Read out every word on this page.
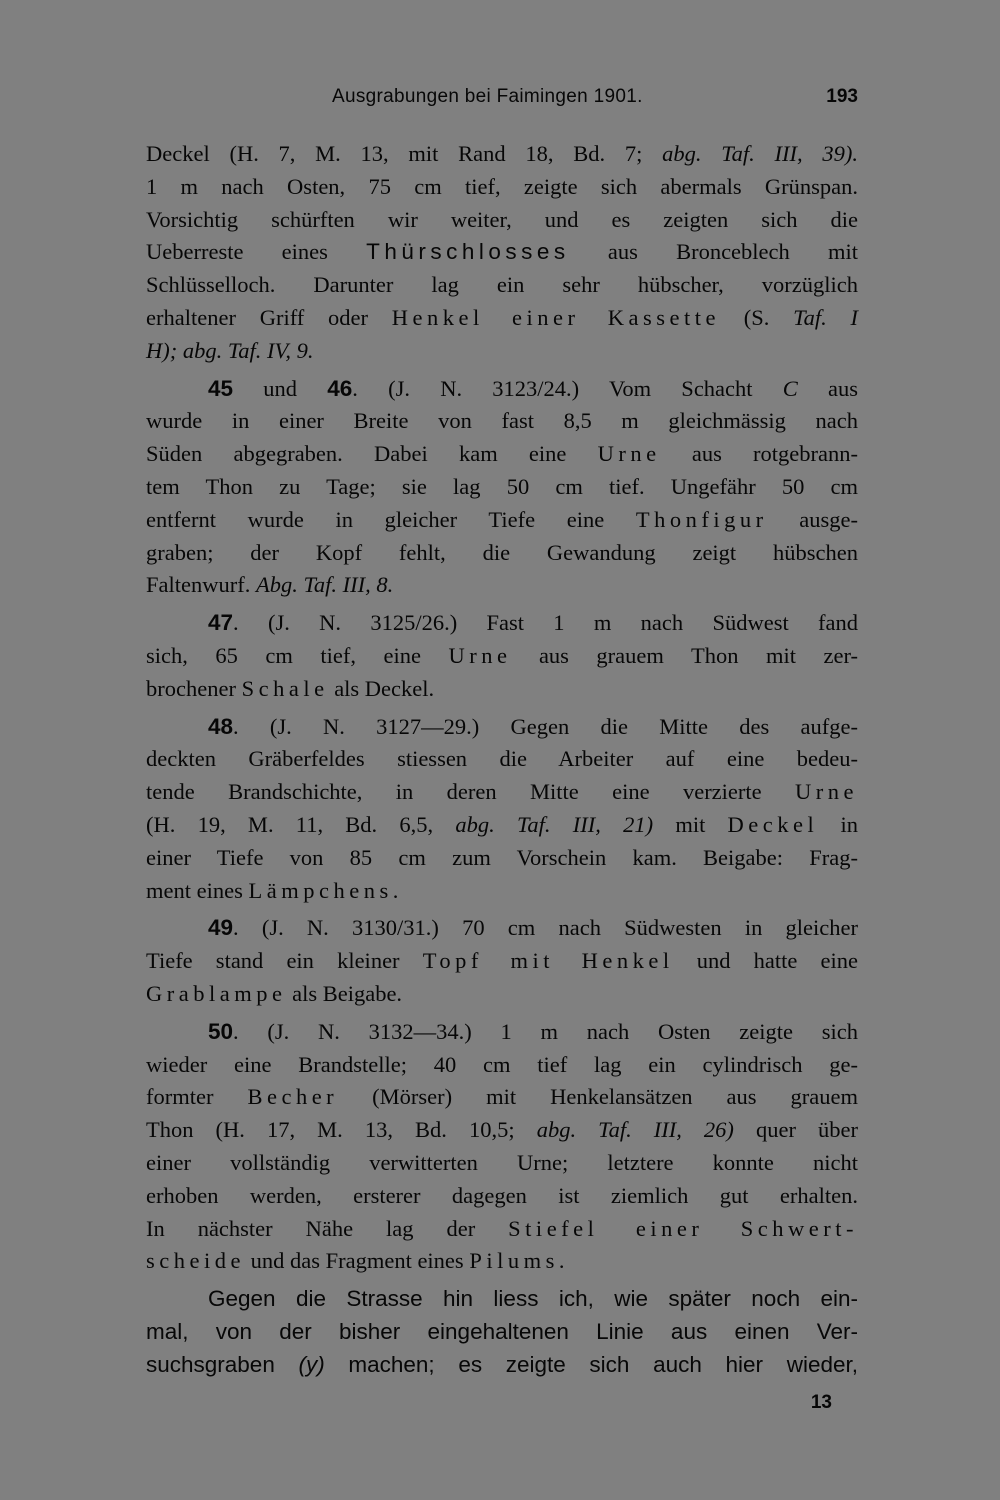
Ausgrabungen bei Faimingen 1901.	193
Deckel (H. 7, M. 13, mit Rand 18, Bd. 7; abg. Taf. III, 39).
1 m nach Osten, 75 cm tief, zeigte sich abermals Grünspan.
Vorsichtig schürften wir weiter, und es zeigten sich die
Ueberreste eines Thürschlosses aus Bronceblech mit
Schlüsselloch. Darunter lag ein sehr hübscher, vorzüglich
erhaltener Griff oder Henkel einer Kassette (S. Taf. I
H); abg. Taf. IV, 9.
45 und 46. (J. N. 3123/24.) Vom Schacht C aus
wurde in einer Breite von fast 8,5 m gleichmässig nach
Süden abgegraben. Dabei kam eine Urne aus rotgebrann-
tem Thon zu Tage; sie lag 50 cm tief. Ungefähr 50 cm
entfernt wurde in gleicher Tiefe eine Thonfigur ausge-
graben; der Kopf fehlt, die Gewandung zeigt hübschen
Faltenwurf. Abg. Taf. III, 8.
47. (J. N. 3125/26.) Fast 1 m nach Südwest fand
sich, 65 cm tief, eine Urne aus grauem Thon mit zer-
brochener Schale als Deckel.
48. (J. N. 3127—29.) Gegen die Mitte des aufge-
deckten Gräberfeldes stiessen die Arbeiter auf eine bedeu-
tende Brandschichte, in deren Mitte eine verzierte Urne
(H. 19, M. 11, Bd. 6,5, abg. Taf. III, 21) mit Deckel in
einer Tiefe von 85 cm zum Vorschein kam. Beigabe: Frag-
ment eines Lämpchens.
49. (J. N. 3130/31.) 70 cm nach Südwesten in gleicher
Tiefe stand ein kleiner Topf mit Henkel und hatte eine
Grablampe als Beigabe.
50. (J. N. 3132—34.) 1 m nach Osten zeigte sich
wieder eine Brandstelle; 40 cm tief lag ein cylindrisch ge-
formter Becher (Mörser) mit Henkelansätzen aus grauem
Thon (H. 17, M. 13, Bd. 10,5; abg. Taf. III, 26) quer über
einer vollständig verwitterten Urne; letztere konnte nicht
erhoben werden, ersterer dagegen ist ziemlich gut erhalten.
In nächster Nähe lag der Stiefel einer Schwert-
scheide und das Fragment eines Pilums.
Gegen die Strasse hin liess ich, wie später noch ein-
mal, von der bisher eingehaltenen Linie aus einen Ver-
suchsgraben (y) machen; es zeigte sich auch hier wieder,
13
